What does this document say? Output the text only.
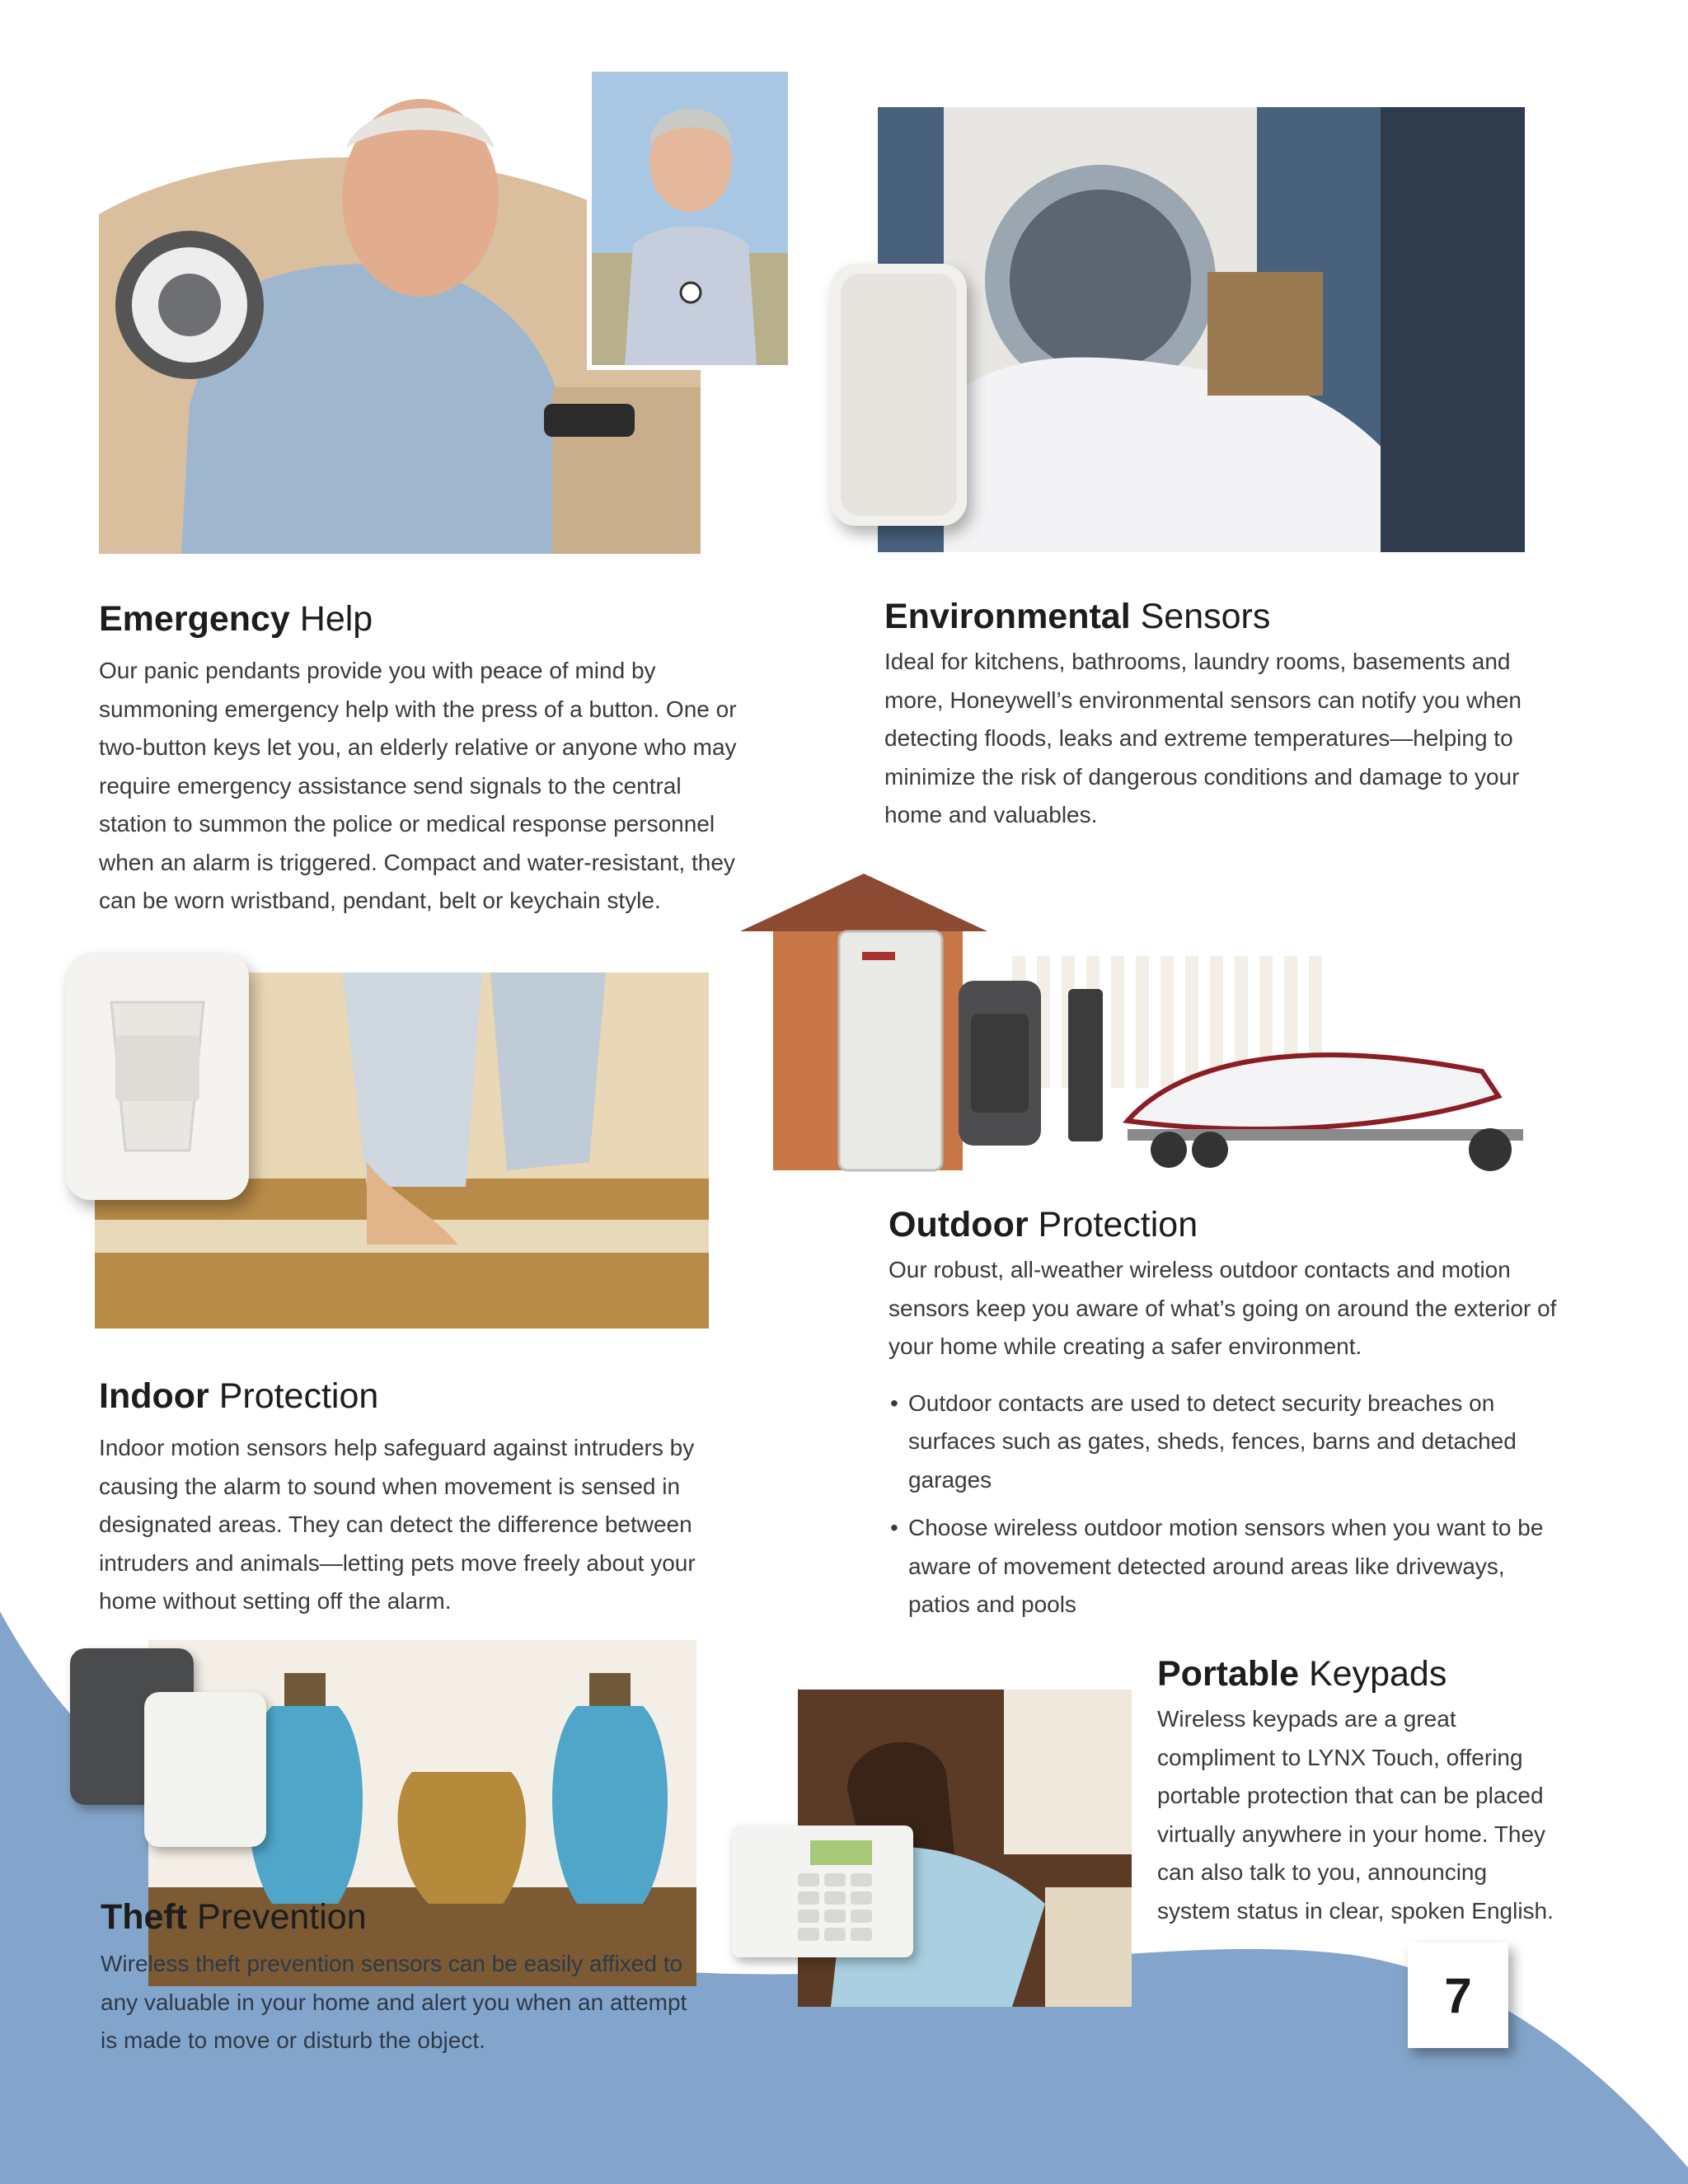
Emergency Help

Our panic pendants provide you with peace of mind by summoning emergency help with the press of a button. One or two-button keys let you, an elderly relative or anyone who may require emergency assistance send signals to the central station to summon the police or medical response personnel when an alarm is triggered. Compact and water-resistant, they can be worn wristband, pendant, belt or keychain style.

Environmental Sensors

Ideal for kitchens, bathrooms, laundry rooms, basements and more, Honeywell’s environmental sensors can notify you when detecting floods, leaks and extreme temperatures—helping to minimize the risk of dangerous conditions and damage to your home and valuables.

Outdoor Protection

Our robust, all-weather wireless outdoor contacts and motion sensors keep you aware of what’s going on around the exterior of your home while creating a safer environment.

• Outdoor contacts are used to detect security breaches on surfaces such as gates, sheds, fences, barns and detached garages
• Choose wireless outdoor motion sensors when you want to be aware of movement detected around areas like driveways, patios and pools
Indoor Protection

Indoor motion sensors help safeguard against intruders by causing the alarm to sound when movement is sensed in designated areas. They can detect the difference between intruders and animals—letting pets move freely about your home without setting off the alarm.

Portable Keypads

Wireless keypads are a great compliment to LYNX Touch, offering portable protection that can be placed virtually anywhere in your home. They can also talk to you, announcing system status in clear, spoken English.

Theft Prevention

Wireless theft prevention sensors can be easily affixed to any valuable in your home and alert you when an attempt is made to move or disturb the object.

7
